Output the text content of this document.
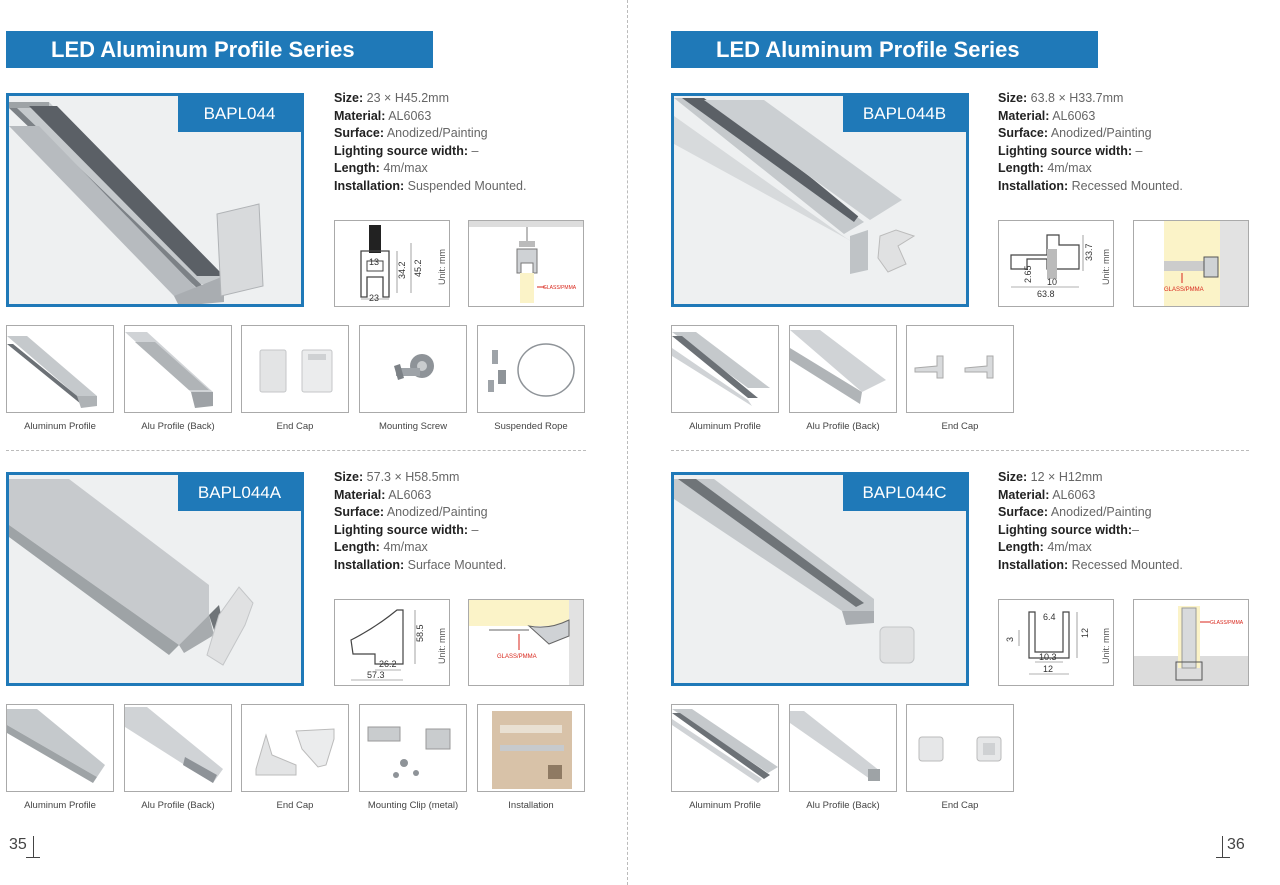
LED Aluminum Profile Series
BAPL044
Size: 23 × H45.2mm
Material: AL6063
Surface: Anodized/Painting
Lighting source width: –
Length: 4m/max
Installation: Suspended Mounted.
13 34.2 45.2
23
Unit: mm
GLASS/PMMA
Aluminum Profile	Alu Profile (Back)	End Cap	Mounting Screw	Suspended Rope
BAPL044A
Size: 57.3 × H58.5mm
Material: AL6063
Surface: Anodized/Painting
Lighting source width: –
Length: 4m/max
Installation: Surface Mounted.
58.5
26.2
57.3
Unit: mm	GLASS/PMMA
Aluminum Profile	Alu Profile (Back)	End Cap	Mounting Clip (metal)	Installation
35
LED Aluminum Profile Series
BAPL044B
Size: 63.8 × H33.7mm
Material: AL6063
Surface: Anodized/Painting
Lighting source width: –
Length: 4m/max
Installation: Recessed Mounted.
33.7
2.65 10
63.8
Unit: mm
GLASS/PMMA
Aluminum Profile	Alu Profile (Back)	End Cap
BAPL044C
Size: 12 × H12mm
Material: AL6063
Surface: Anodized/Painting
Lighting source width:–
Length: 4m/max
Installation: Recessed Mounted.
6.4
12
3
10.3
12
Unit: mm
GLASS/PMMA
Aluminum Profile	Alu Profile (Back)	End Cap
36
